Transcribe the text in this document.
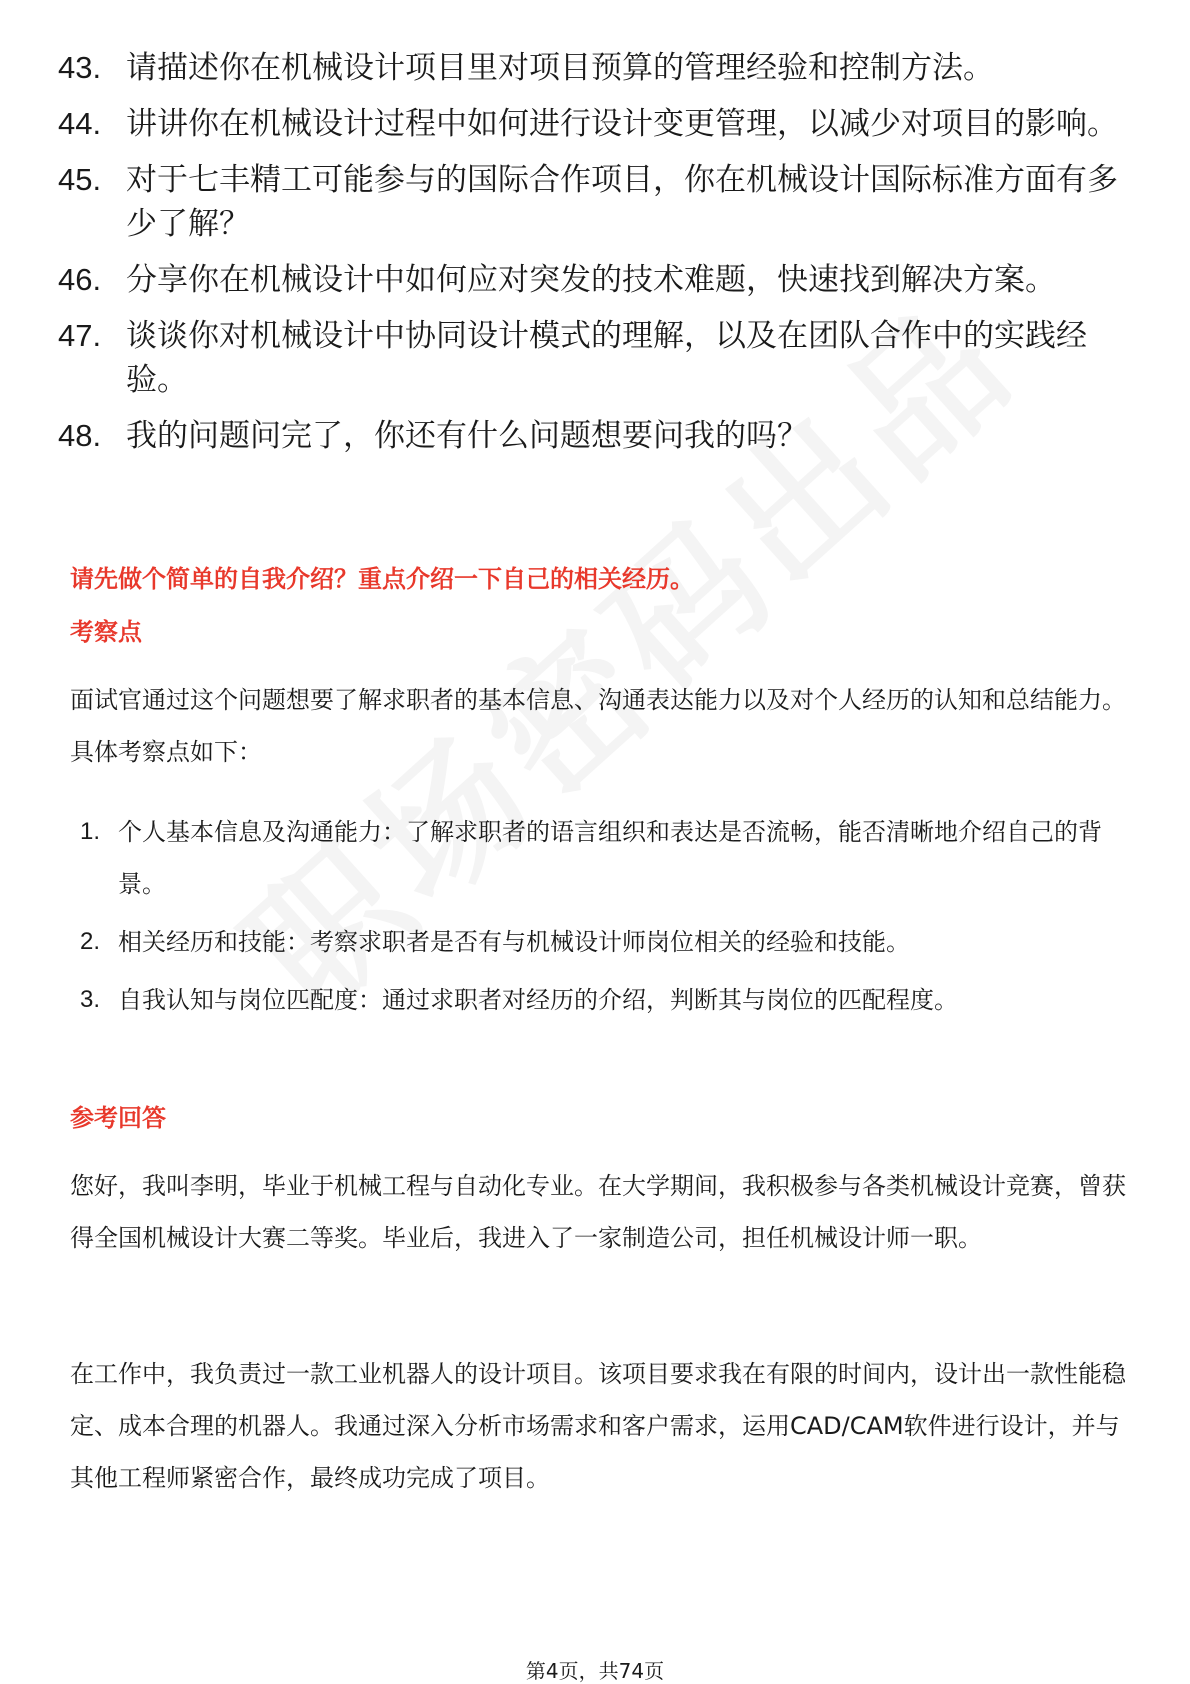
43. 请描述你在机械设计项目里对项目预算的管理经验和控制方法。
44. 讲讲你在机械设计过程中如何进行设计变更管理，以减少对项目的影响。
45. 对于七丰精工可能参与的国际合作项目，你在机械设计国际标准方面有多少了解？
46. 分享你在机械设计中如何应对突发的技术难题，快速找到解决方案。
47. 谈谈你对机械设计中协同设计模式的理解，以及在团队合作中的实践经验。
48. 我的问题问完了，你还有什么问题想要问我的吗？
请先做个简单的自我介绍？重点介绍一下自己的相关经历。
考察点
面试官通过这个问题想要了解求职者的基本信息、沟通表达能力以及对个人经历的认知和总结能力。具体考察点如下：
1. 个人基本信息及沟通能力：了解求职者的语言组织和表达是否流畅，能否清晰地介绍自己的背景。
2. 相关经历和技能：考察求职者是否有与机械设计师岗位相关的经验和技能。
3. 自我认知与岗位匹配度：通过求职者对经历的介绍，判断其与岗位的匹配程度。
参考回答
您好，我叫李明，毕业于机械工程与自动化专业。在大学期间，我积极参与各类机械设计竞赛，曾获得全国机械设计大赛二等奖。毕业后，我进入了一家制造公司，担任机械设计师一职。
在工作中，我负责过一款工业机器人的设计项目。该项目要求我在有限的时间内，设计出一款性能稳定、成本合理的机器人。我通过深入分析市场需求和客户需求，运用CAD/CAM软件进行设计，并与其他工程师紧密合作，最终成功完成了项目。
第4页，共74页
